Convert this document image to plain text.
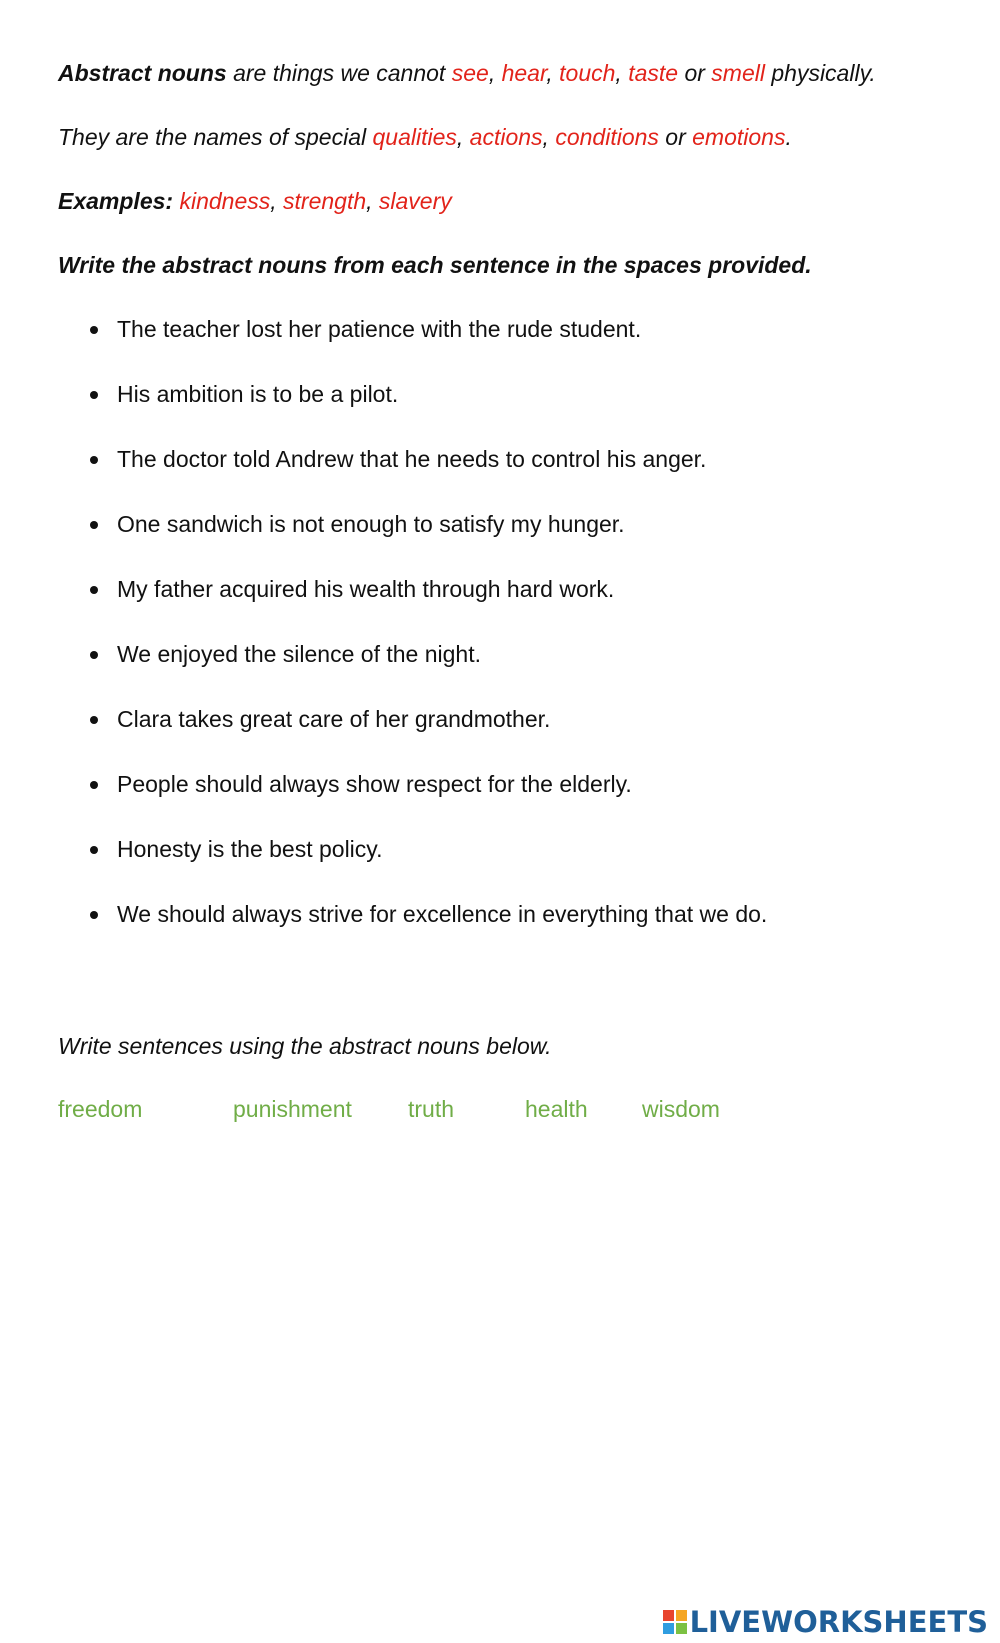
Abstract nouns are things we cannot see, hear, touch, taste or smell physically.
They are the names of special qualities, actions, conditions or emotions.
Examples: kindness, strength, slavery
Write the abstract nouns from each sentence in the spaces provided.
The teacher lost her patience with the rude student.
His ambition is to be a pilot.
The doctor told Andrew that he needs to control his anger.
One sandwich is not enough to satisfy my hunger.
My father acquired his wealth through hard work.
We enjoyed the silence of the night.
Clara takes great care of her grandmother.
People should always show respect for the elderly.
Honesty is the best policy.
We should always strive for excellence in everything that we do.
Write sentences using the abstract nouns below.
freedom	punishment truth	health wisdom
LIVEWORKSHEETS
